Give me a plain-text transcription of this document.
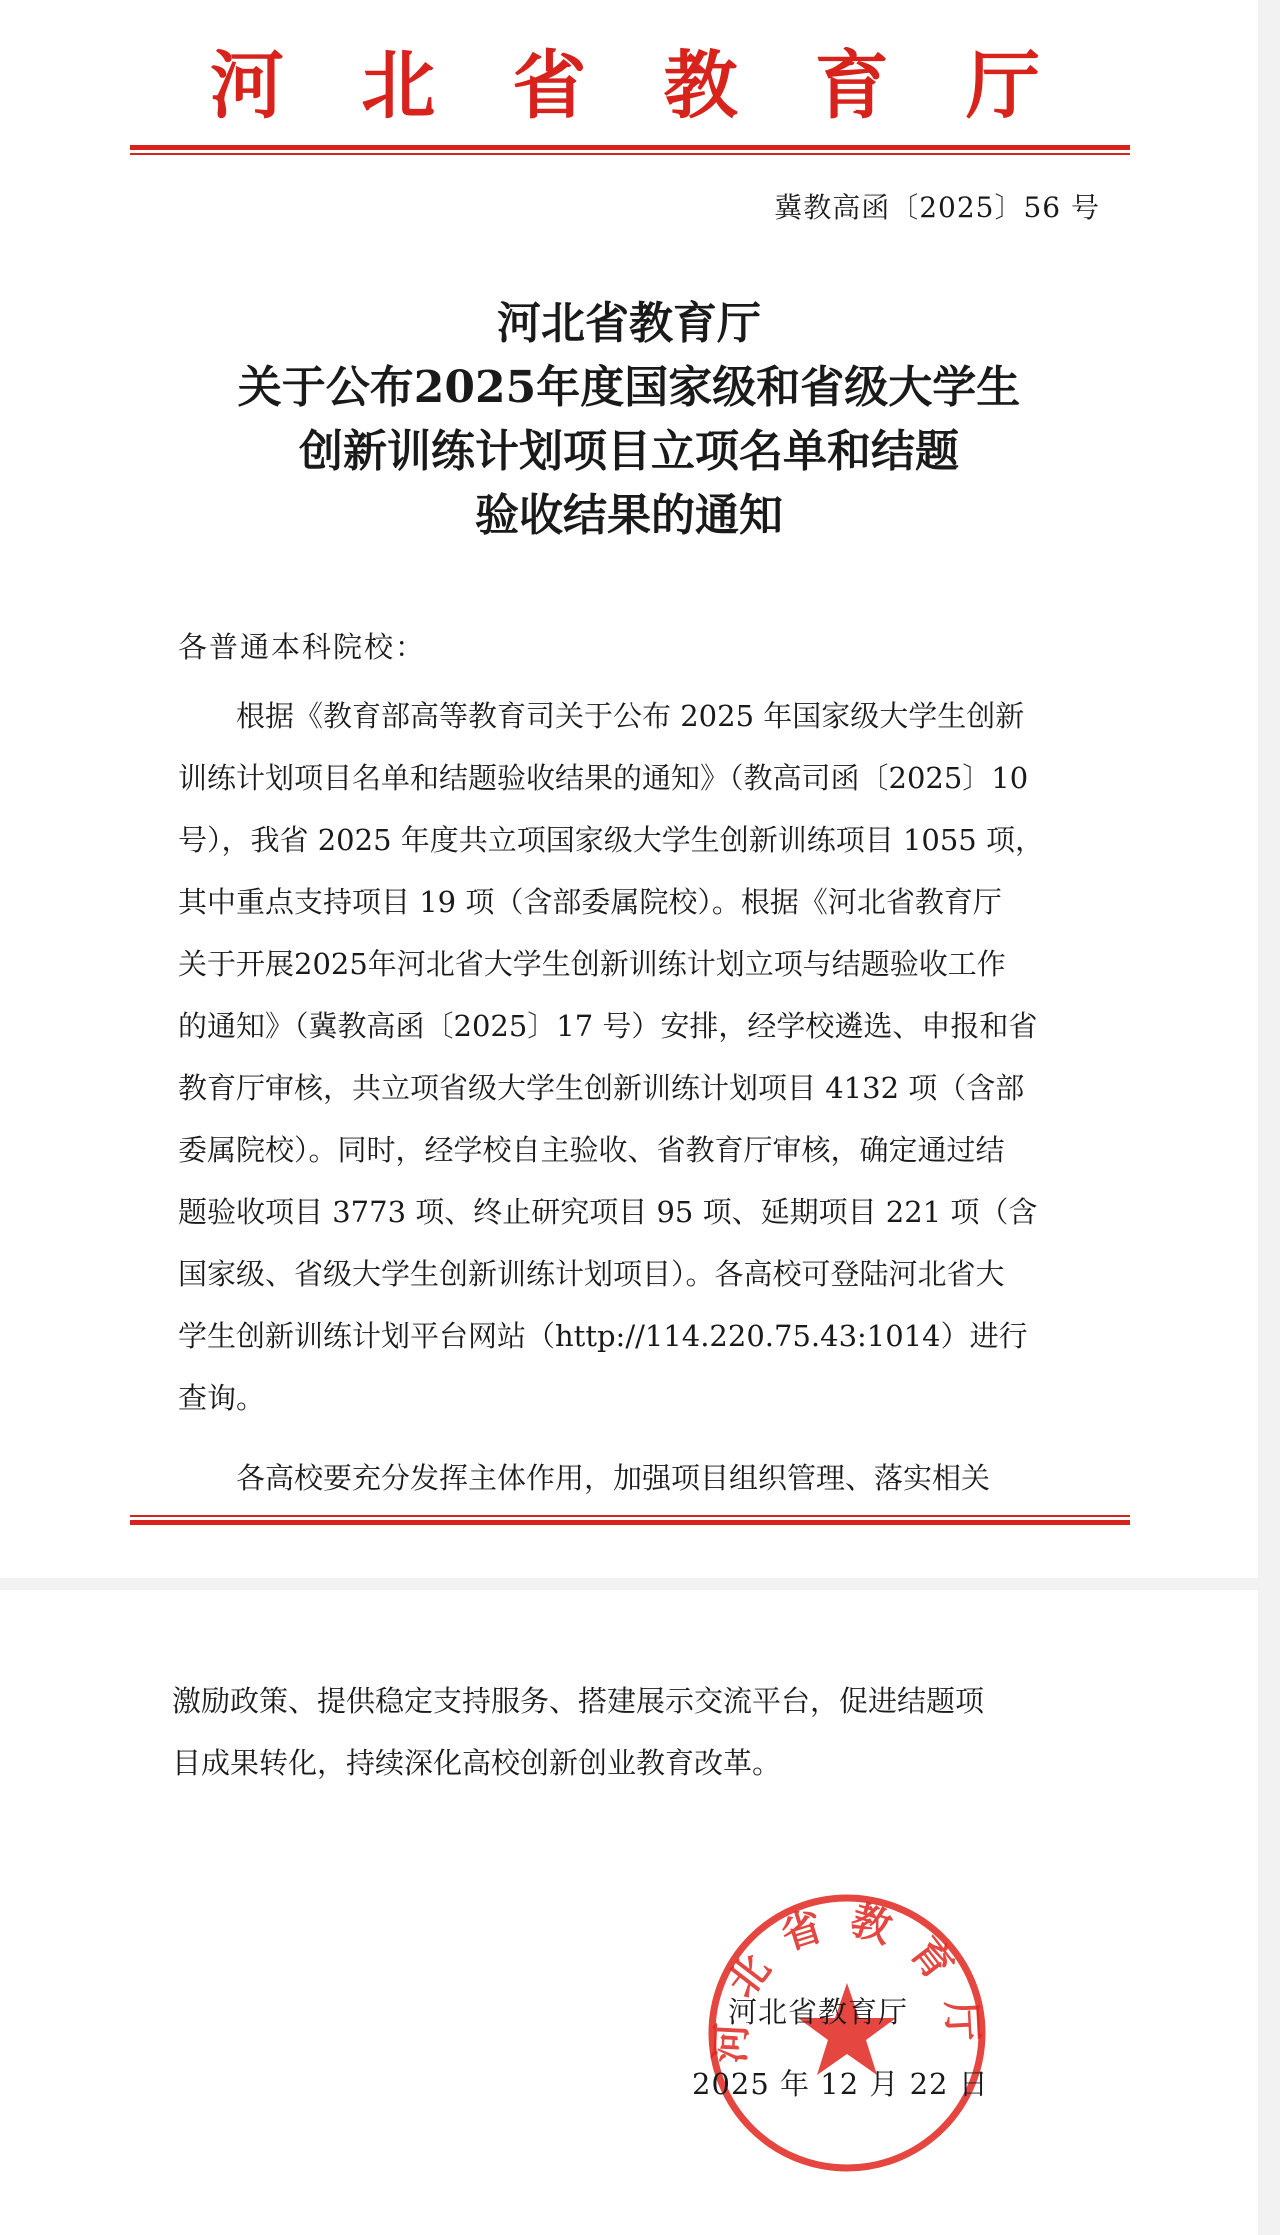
河 北 省 教 育 厅
冀教高函〔2025〕56 号
河北省教育厅
关于公布2025年度国家级和省级大学生
创新训练计划项目立项名单和结题
验收结果的通知
各普通本科院校：
根据《教育部高等教育司关于公布 2025 年国家级大学生创新
训练计划项目名单和结题验收结果的通知》（教高司函〔2025〕10
号），我省 2025 年度共立项国家级大学生创新训练项目 1055 项，
其中重点支持项目 19 项（含部委属院校）。根据《河北省教育厅
关于开展2025年河北省大学生创新训练计划立项与结题验收工作
的通知》（冀教高函〔2025〕17 号）安排，经学校遴选、申报和省
教育厅审核，共立项省级大学生创新训练计划项目 4132 项（含部
委属院校）。同时，经学校自主验收、省教育厅审核，确定通过结
题验收项目 3773 项、终止研究项目 95 项、延期项目 221 项（含
国家级、省级大学生创新训练计划项目）。各高校可登陆河北省大
学生创新训练计划平台网站（http://114.220.75.43:1014）进行
查询。
各高校要充分发挥主体作用，加强项目组织管理、落实相关
激励政策、提供稳定支持服务、搭建展示交流平台，促进结题项
目成果转化，持续深化高校创新创业教育改革。
河北省教育厅
河北省教育厅
2025 年 12 月 22 日
